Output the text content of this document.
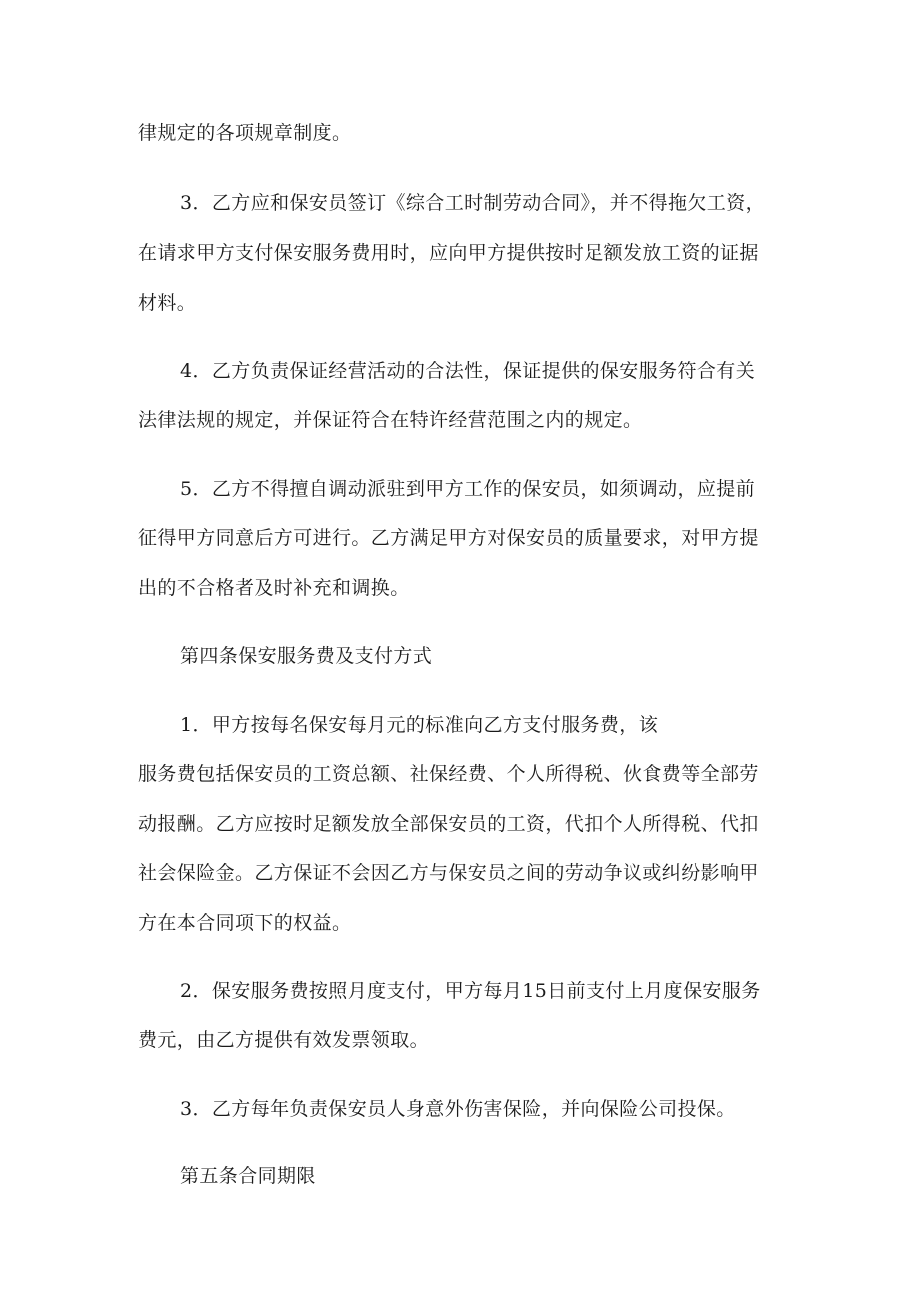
律规定的各项规章制度。
3．乙方应和保安员签订《综合工时制劳动合同》，并不得拖欠工资，
在请求甲方支付保安服务费用时，应向甲方提供按时足额发放工资的证据
材料。
4．乙方负责保证经营活动的合法性，保证提供的保安服务符合有关
法律法规的规定，并保证符合在特许经营范围之内的规定。
5．乙方不得擅自调动派驻到甲方工作的保安员，如须调动，应提前
征得甲方同意后方可进行。乙方满足甲方对保安员的质量要求，对甲方提
出的不合格者及时补充和调换。
第四条保安服务费及支付方式
1．甲方按每名保安每月元的标准向乙方支付服务费，该
服务费包括保安员的工资总额、社保经费、个人所得税、伙食费等全部劳
动报酬。乙方应按时足额发放全部保安员的工资，代扣个人所得税、代扣
社会保险金。乙方保证不会因乙方与保安员之间的劳动争议或纠纷影响甲
方在本合同项下的权益。
2．保安服务费按照月度支付，甲方每月15日前支付上月度保安服务
费元，由乙方提供有效发票领取。
3．乙方每年负责保安员人身意外伤害保险，并向保险公司投保。
第五条合同期限
